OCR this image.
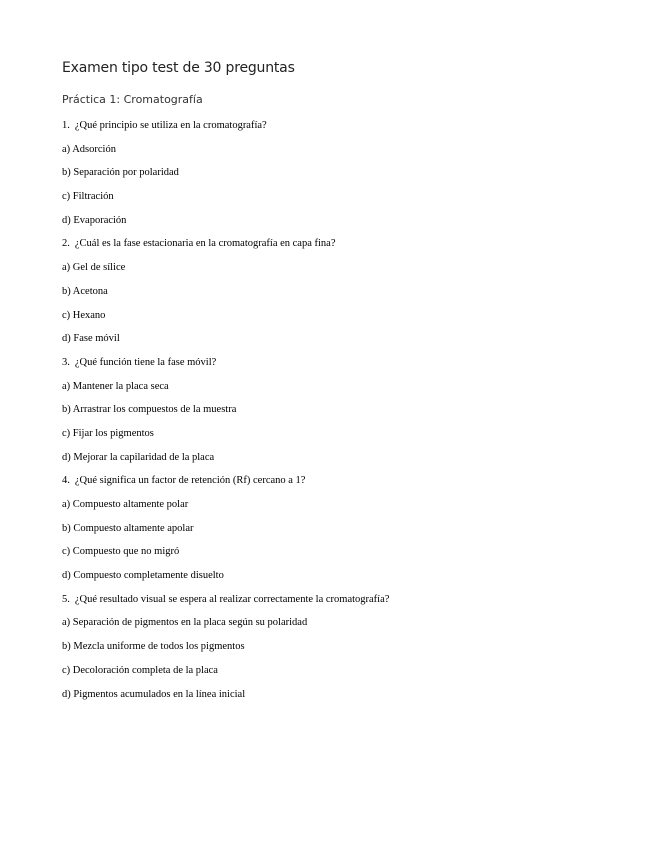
Examen tipo test de 30 preguntas
Práctica 1: Cromatografía
1. ¿Qué principio se utiliza en la cromatografía?
a) Adsorción
b) Separación por polaridad
c) Filtración
d) Evaporación
2. ¿Cuál es la fase estacionaria en la cromatografía en capa fina?
a) Gel de sílice
b) Acetona
c) Hexano
d) Fase móvil
3. ¿Qué función tiene la fase móvil?
a) Mantener la placa seca
b) Arrastrar los compuestos de la muestra
c) Fijar los pigmentos
d) Mejorar la capilaridad de la placa
4. ¿Qué significa un factor de retención (Rf) cercano a 1?
a) Compuesto altamente polar
b) Compuesto altamente apolar
c) Compuesto que no migró
d) Compuesto completamente disuelto
5. ¿Qué resultado visual se espera al realizar correctamente la cromatografía?
a) Separación de pigmentos en la placa según su polaridad
b) Mezcla uniforme de todos los pigmentos
c) Decoloración completa de la placa
d) Pigmentos acumulados en la línea inicial
